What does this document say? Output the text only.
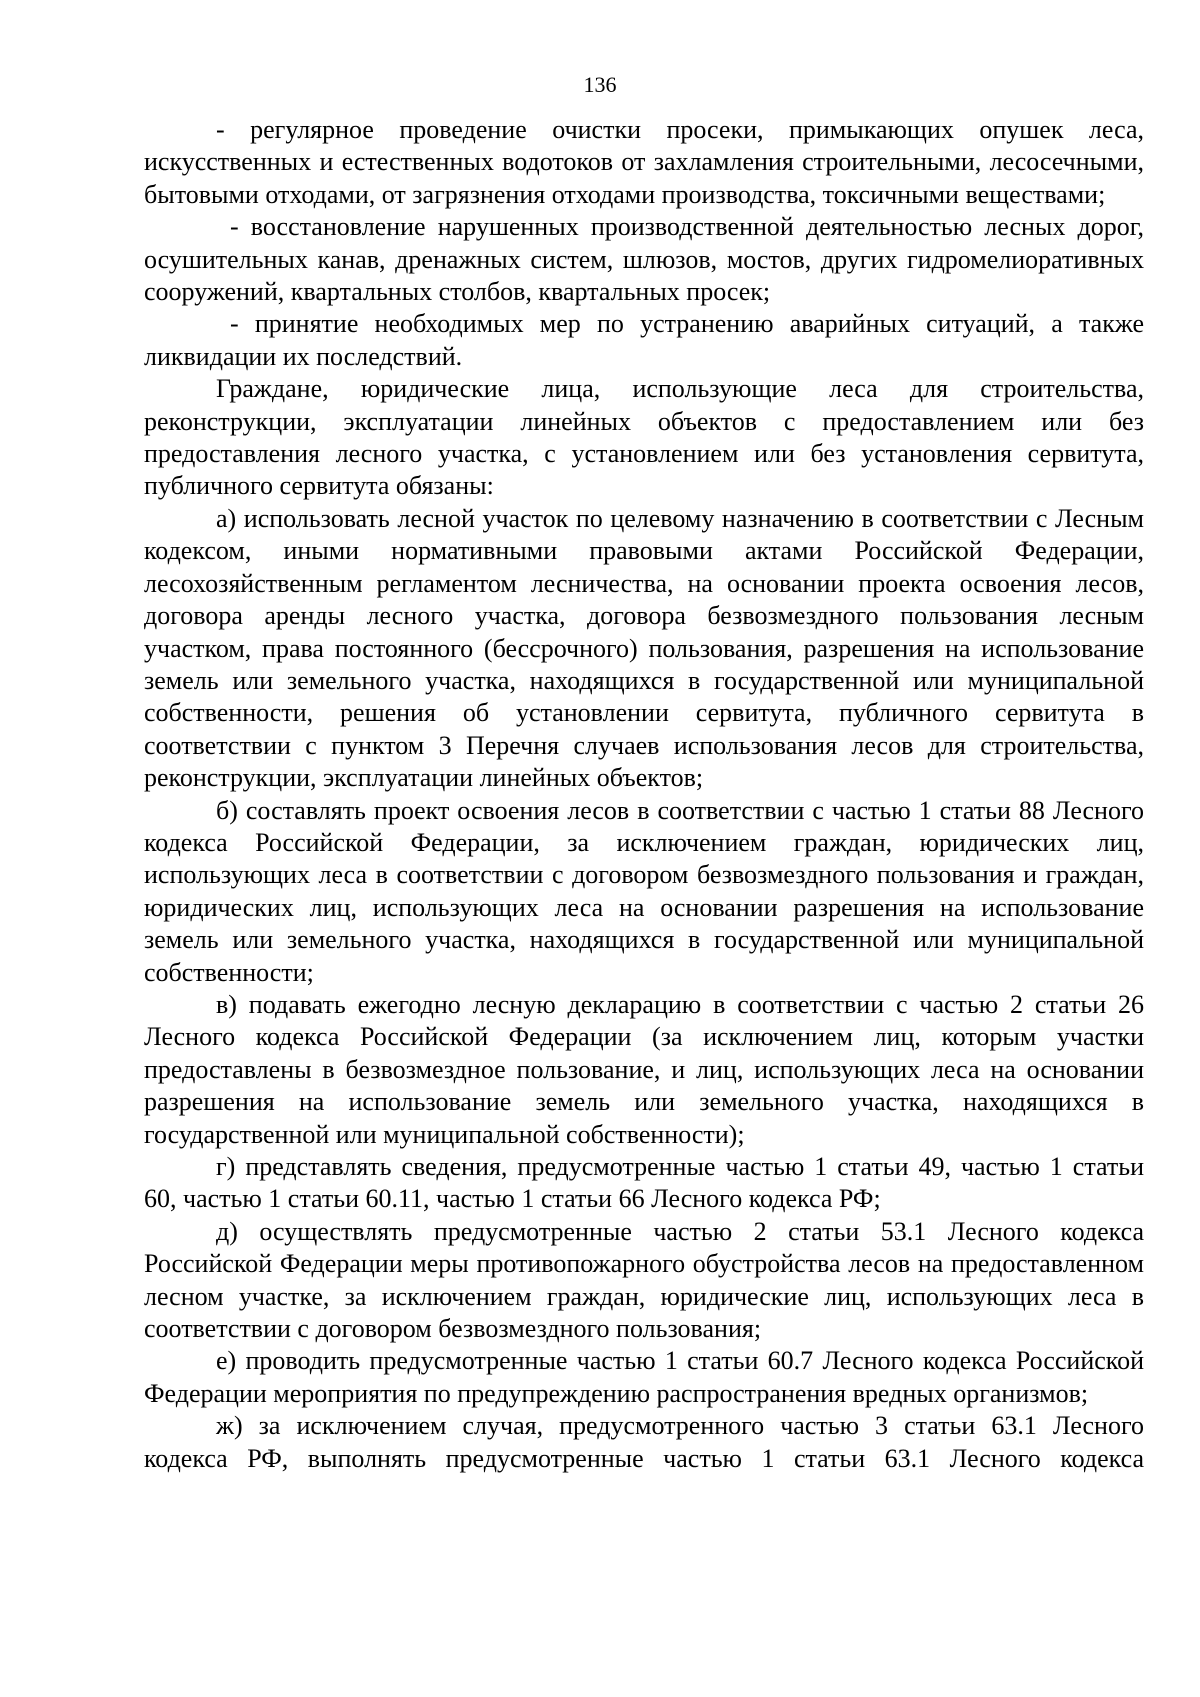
136

- регулярное проведение очистки просеки, примыкающих опушек леса, искусственных и естественных водотоков от захламления строительными, лесосечными, бытовыми отходами, от загрязнения отходами производства, токсичными веществами;

- восстановление нарушенных производственной деятельностью лесных дорог, осушительных канав, дренажных систем, шлюзов, мостов, других гидромелиоративных сооружений, квартальных столбов, квартальных просек;

- принятие необходимых мер по устранению аварийных ситуаций, а также ликвидации их последствий.

Граждане, юридические лица, использующие леса для строительства, реконструкции, эксплуатации линейных объектов с предоставлением или без предоставления лесного участка, с установлением или без установления сервитута, публичного сервитута обязаны:

а) использовать лесной участок по целевому назначению в соответствии с Лесным кодексом, иными нормативными правовыми актами Российской Федерации, лесохозяйственным регламентом лесничества, на основании проекта освоения лесов, договора аренды лесного участка, договора безвозмездного пользования лесным участком, права постоянного (бессрочного) пользования, разрешения на использование земель или земельного участка, находящихся в государственной или муниципальной собственности, решения об установлении сервитута, публичного сервитута в соответствии с пунктом 3 Перечня случаев использования лесов для строительства, реконструкции, эксплуатации линейных объектов;

б) составлять проект освоения лесов в соответствии с частью 1 статьи 88 Лесного кодекса Российской Федерации, за исключением граждан, юридических лиц, использующих леса в соответствии с договором безвозмездного пользования и граждан, юридических лиц, использующих леса на основании разрешения на использование земель или земельного участка, находящихся в государственной или муниципальной собственности;

в) подавать ежегодно лесную декларацию в соответствии с частью 2 статьи 26 Лесного кодекса Российской Федерации (за исключением лиц, которым участки предоставлены в безвозмездное пользование, и лиц, использующих леса на основании разрешения на использование земель или земельного участка, находящихся в государственной или муниципальной собственности);

г) представлять сведения, предусмотренные частью 1 статьи 49, частью 1 статьи 60, частью 1 статьи 60.11, частью 1 статьи 66 Лесного кодекса РФ;

д) осуществлять предусмотренные частью 2 статьи 53.1 Лесного кодекса Российской Федерации меры противопожарного обустройства лесов на предоставленном лесном участке, за исключением граждан, юридические лиц, использующих леса в соответствии с договором безвозмездного пользования;

е) проводить предусмотренные частью 1 статьи 60.7 Лесного кодекса Российской Федерации мероприятия по предупреждению распространения вредных организмов;

ж) за исключением случая, предусмотренного частью 3 статьи 63.1 Лесного кодекса РФ, выполнять предусмотренные частью 1 статьи 63.1 Лесного кодекса
